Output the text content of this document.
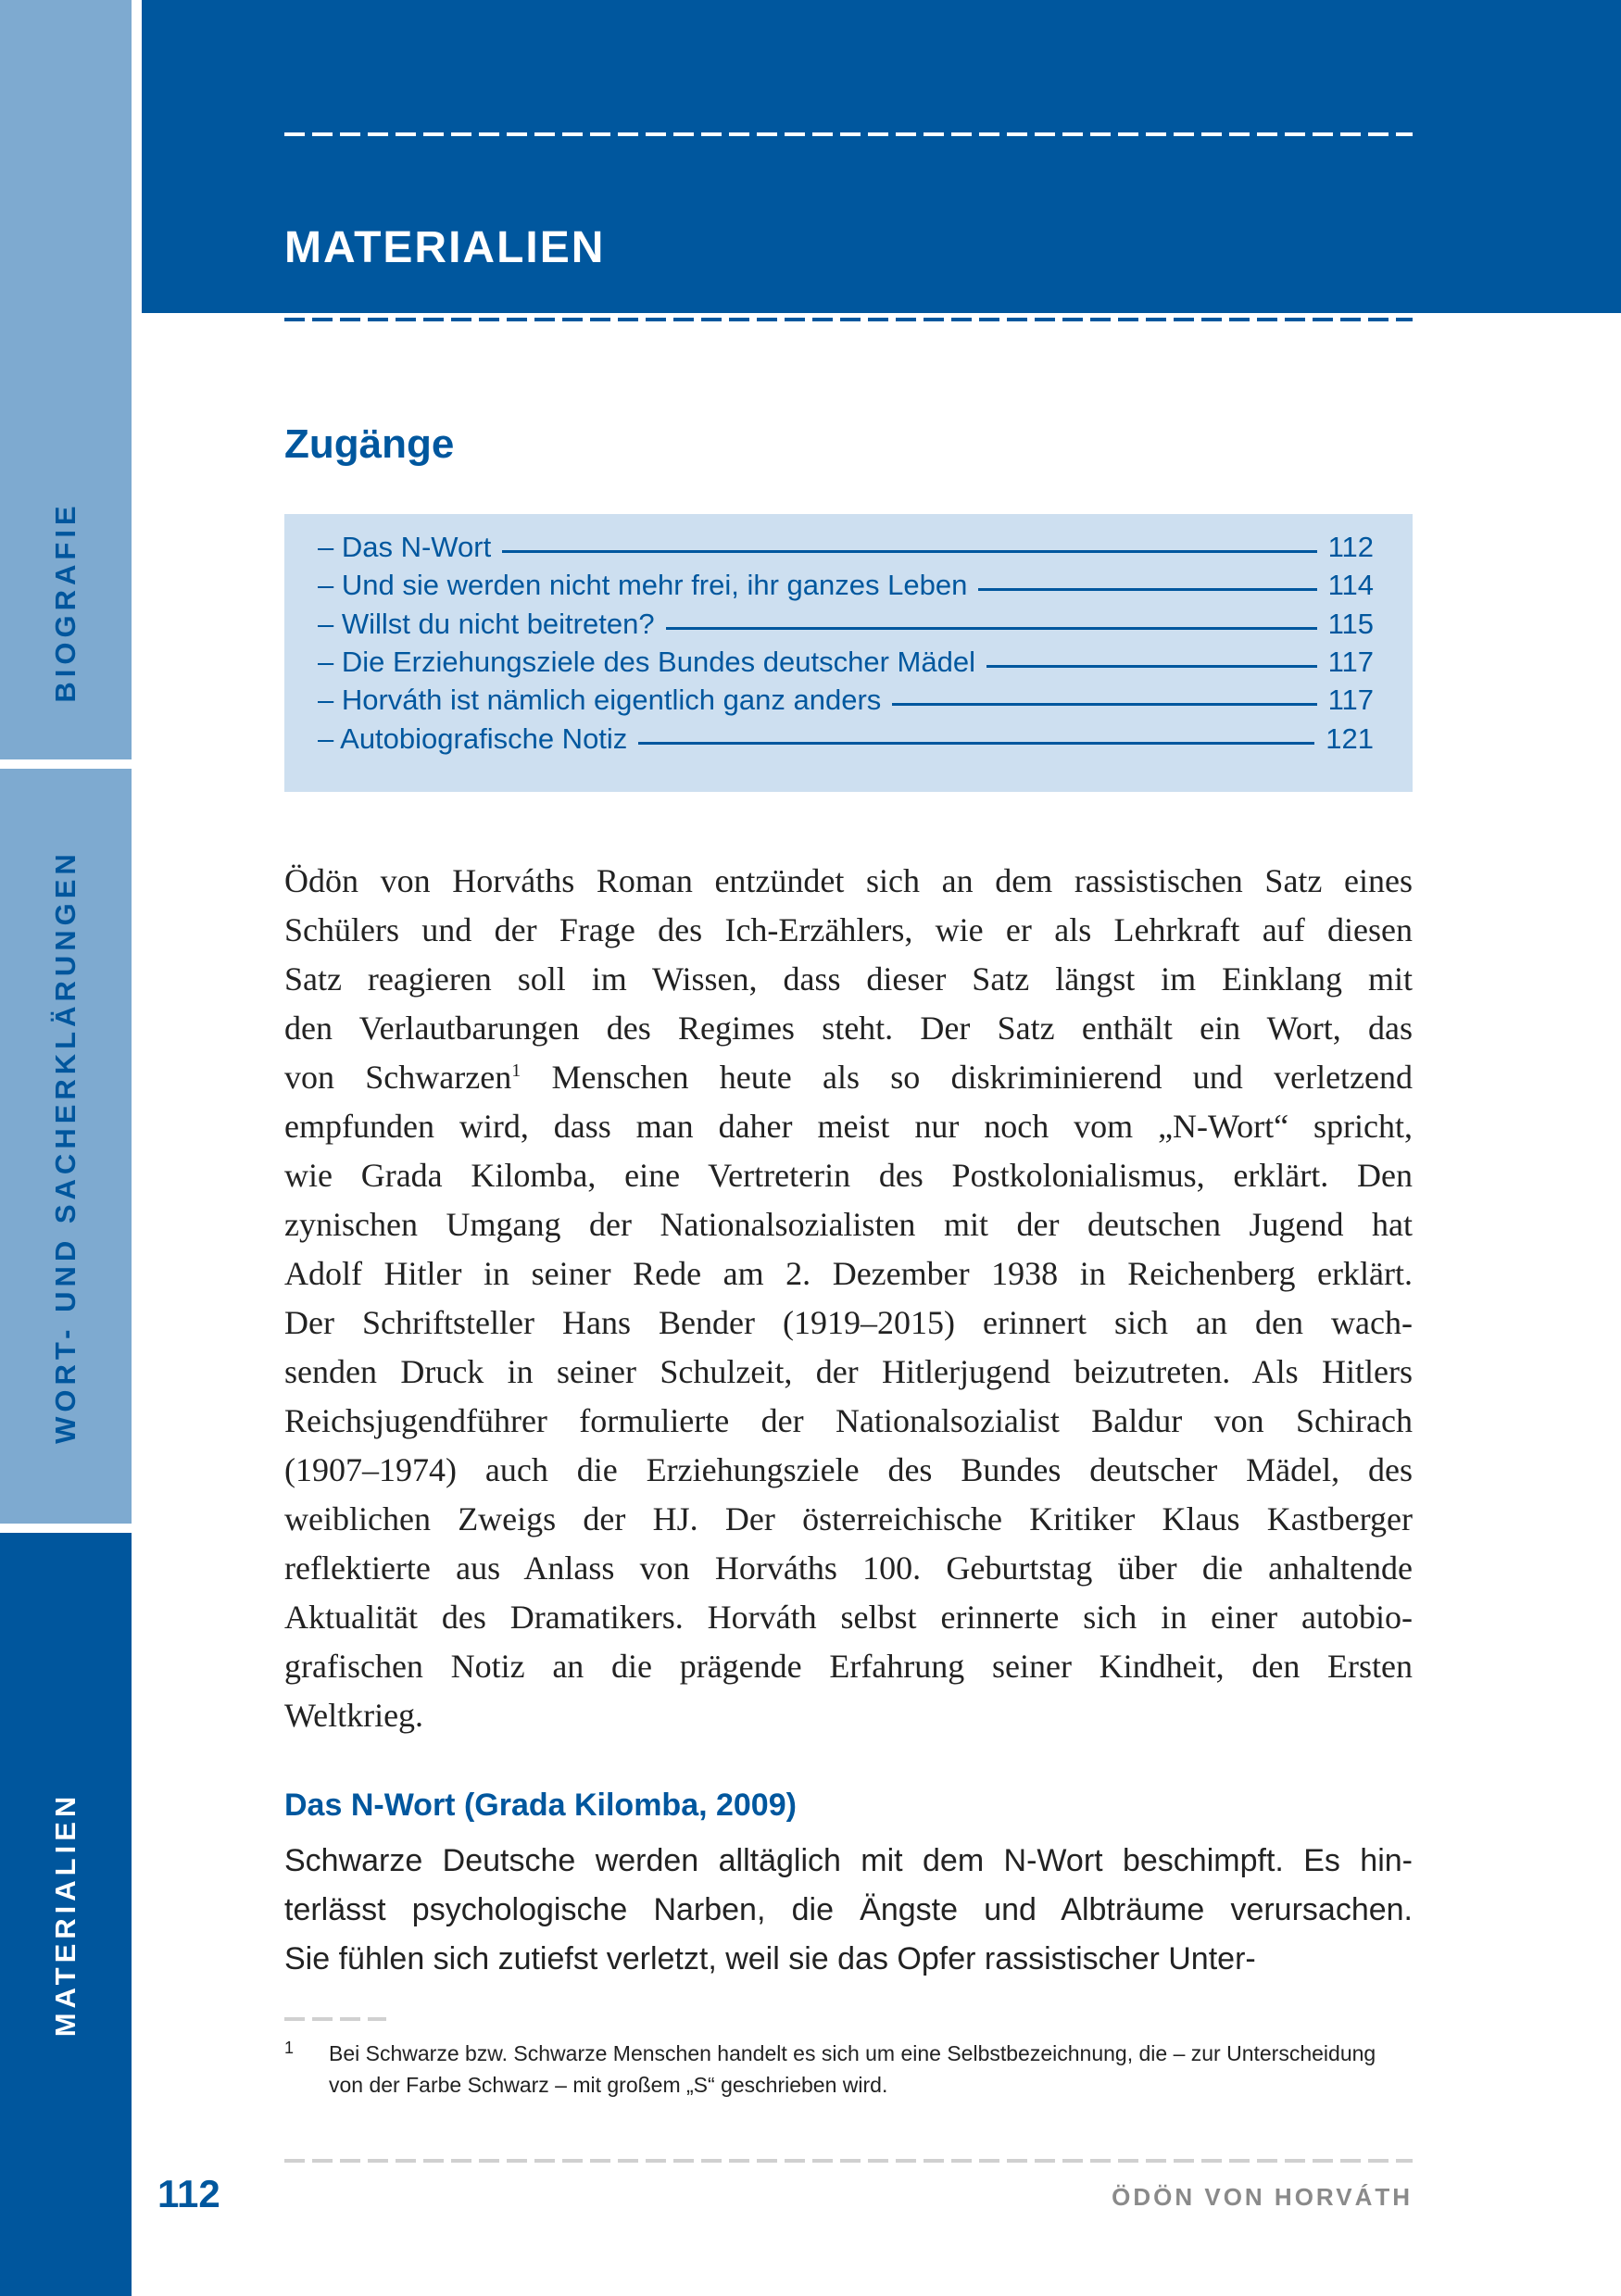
BIOGRAFIE
WORT- UND SACHERKLÄRUNGEN
MATERIALIEN
MATERIALIEN
Zugänge
– Das N-Wort	112
– Und sie werden nicht mehr frei, ihr ganzes Leben	114
– Willst du nicht beitreten?	115
– Die Erziehungsziele des Bundes deutscher Mädel	117
– Horváth ist nämlich eigentlich ganz anders	117
– Autobiografische Notiz	121
Ödön von Horváths Roman entzündet sich an dem rassistischen Satz eines
Schülers und der Frage des Ich-Erzählers, wie er als Lehrkraft auf diesen
Satz reagieren soll im Wissen, dass dieser Satz längst im Einklang mit
den Verlautbarungen des Regimes steht. Der Satz enthält ein Wort, das
von Schwarzen$^1$ Menschen heute als so diskriminierend und verletzend
empfunden wird, dass man daher meist nur noch vom „N-Wort“ spricht,
wie Grada Kilomba, eine Vertreterin des Postkolonialismus, erklärt. Den
zynischen Umgang der Nationalsozialisten mit der deutschen Jugend hat
Adolf Hitler in seiner Rede am 2. Dezember 1938 in Reichenberg erklärt.
Der Schriftsteller Hans Bender (1919–2015) erinnert sich an den wach-
senden Druck in seiner Schulzeit, der Hitlerjugend beizutreten. Als Hitlers
Reichsjugendführer formulierte der Nationalsozialist Baldur von Schirach
(1907–1974) auch die Erziehungsziele des Bundes deutscher Mädel, des
weiblichen Zweigs der HJ. Der österreichische Kritiker Klaus Kastberger
reflektierte aus Anlass von Horváths 100. Geburtstag über die anhaltende
Aktualität des Dramatikers. Horváth selbst erinnerte sich in einer autobio-
grafischen Notiz an die prägende Erfahrung seiner Kindheit, den Ersten
Weltkrieg.
Das N-Wort (Grada Kilomba, 2009)
Schwarze Deutsche werden alltäglich mit dem N-Wort beschimpft. Es hin-
terlässt psychologische Narben, die Ängste und Albträume verursachen.
Sie fühlen sich zutiefst verletzt, weil sie das Opfer rassistischer Unter-
1 Bei Schwarze bzw. Schwarze Menschen handelt es sich um eine Selbstbezeichnung, die – zur Unterscheidung von der Farbe Schwarz – mit großem „S“ geschrieben wird.
112	ÖDÖN VON HORVÁTH
